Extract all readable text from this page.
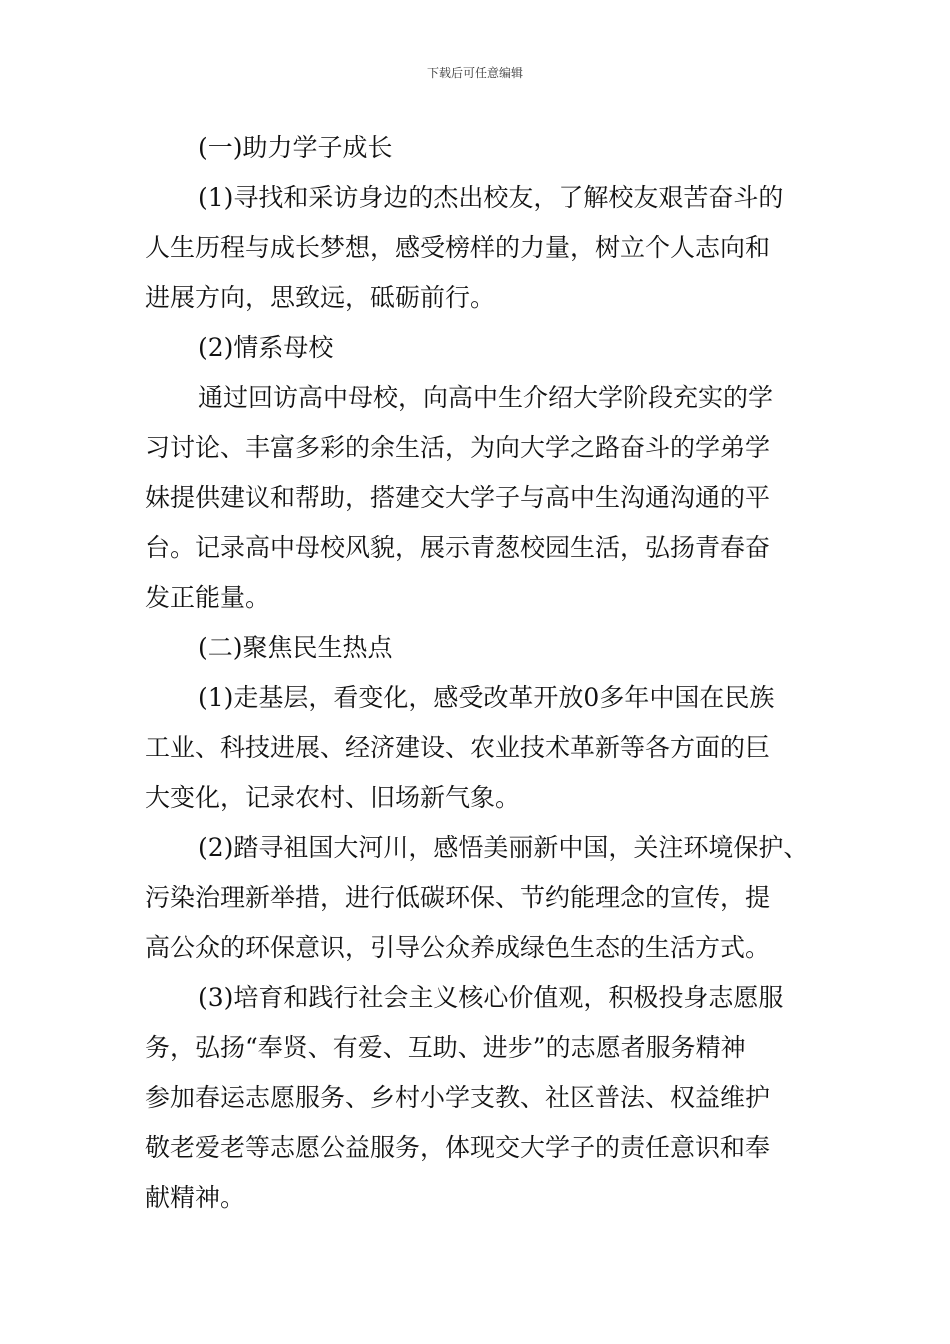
下载后可任意编辑
(一)助力学子成长
(1)寻找和采访身边的杰出校友，了解校友艰苦奋斗的
人生历程与成长梦想，感受榜样的力量，树立个人志向和
进展方向，思致远，砥砺前行。
(2)情系母校
通过回访高中母校，向高中生介绍大学阶段充实的学
习讨论、丰富多彩的余生活，为向大学之路奋斗的学弟学
妹提供建议和帮助，搭建交大学子与高中生沟通沟通的平
台。记录高中母校风貌，展示青葱校园生活，弘扬青春奋
发正能量。
(二)聚焦民生热点
(1)走基层，看变化，感受改革开放0多年中国在民族
工业、科技进展、经济建设、农业技术革新等各方面的巨
大变化，记录农村、旧场新气象。
(2)踏寻祖国大河川，感悟美丽新中国，关注环境保护、
污染治理新举措，进行低碳环保、节约能理念的宣传，提
高公众的环保意识，引导公众养成绿色生态的生活方式。
(3)培育和践行社会主义核心价值观，积极投身志愿服
务，弘扬“奉贤、有爱、互助、进步”的志愿者服务精神
参加春运志愿服务、乡村小学支教、社区普法、权益维护
敬老爱老等志愿公益服务，体现交大学子的责任意识和奉
献精神。
